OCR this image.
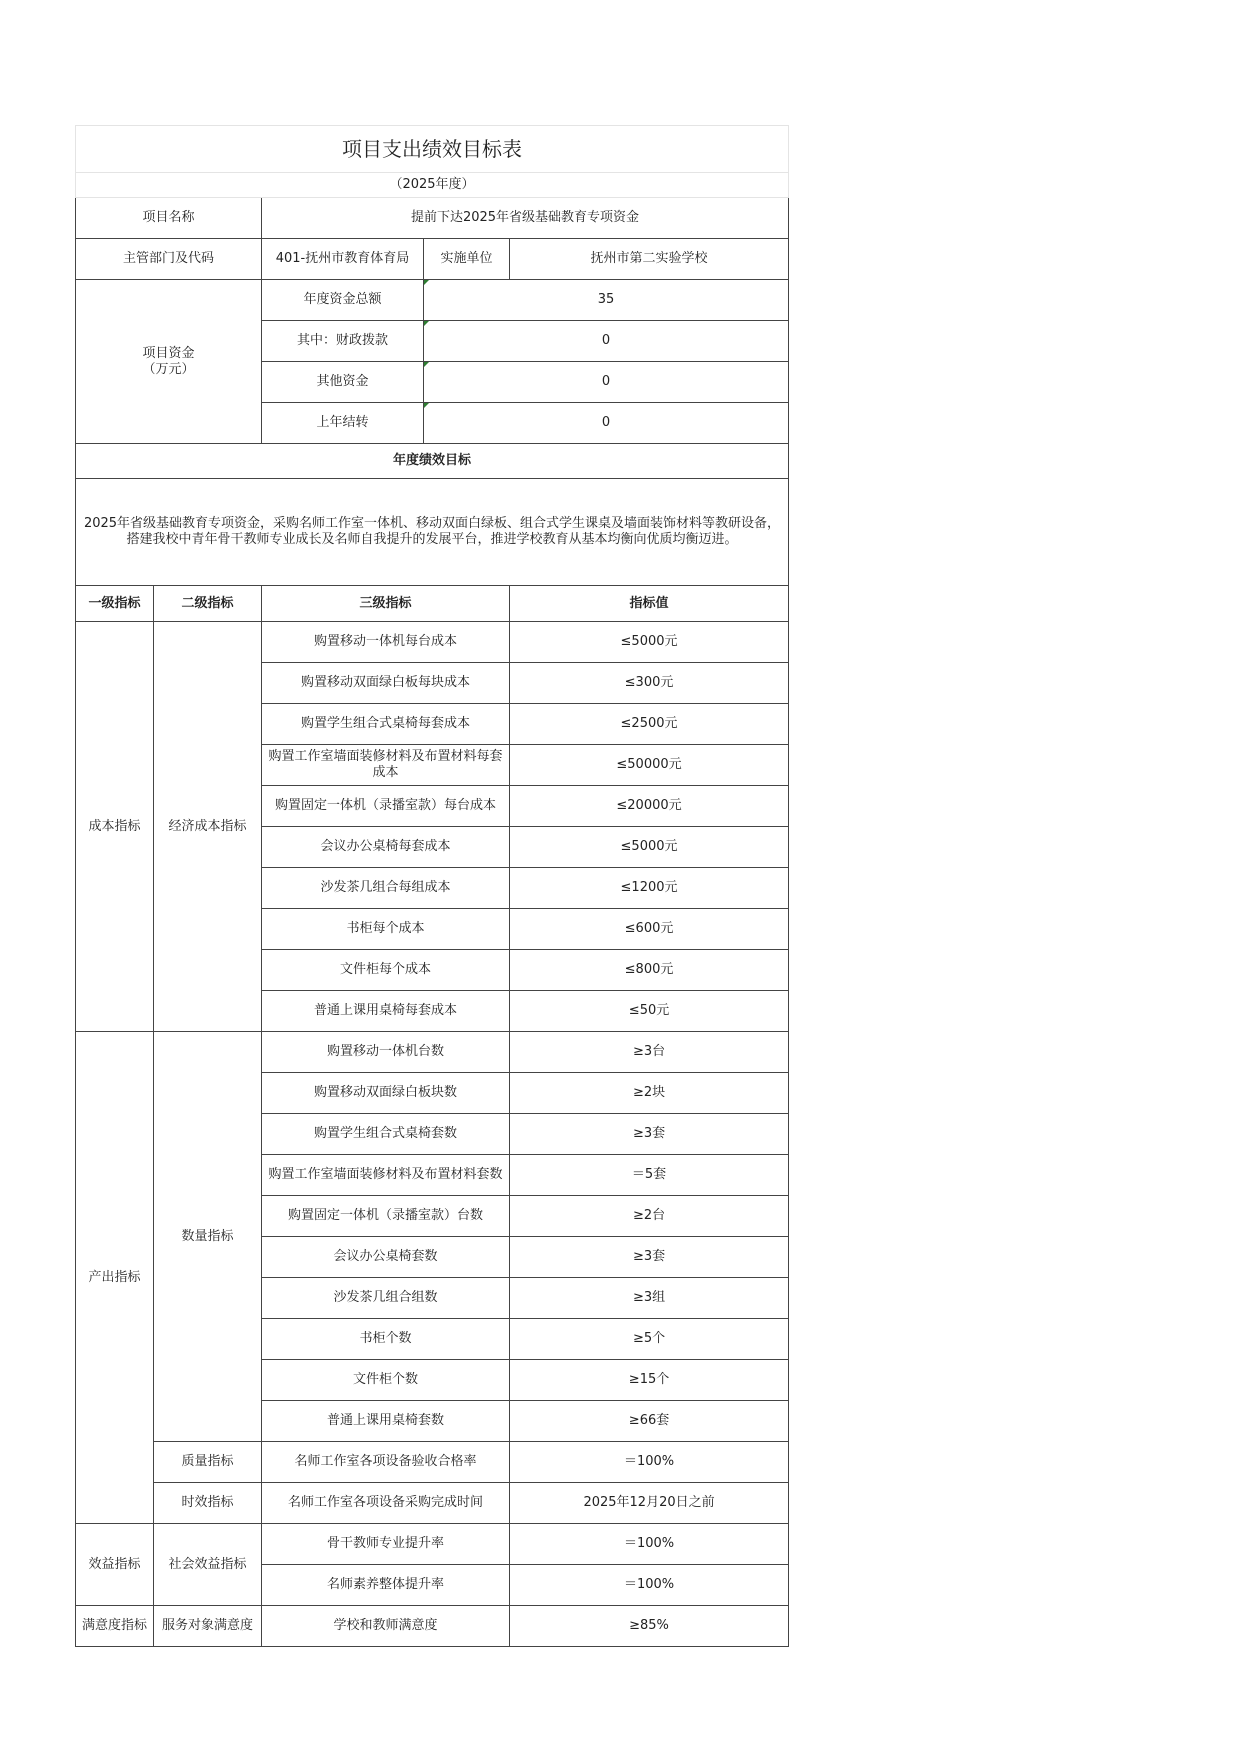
项目支出绩效目标表				
（2025年度）				
项目名称		提前下达2025年省级基础教育专项资金		
主管部门及代码		401-抚州市教育体育局	实施单位	抚州市第二实验学校
项目资金（万元）		年度资金总额	35	
		其中：财政拨款	0	
		其他资金	0	
		上年结转	0	
年度绩效目标				
2025年省级基础教育专项资金，采购名师工作室一体机、移动双面白绿板、组合式学生课桌及墙面装饰材料等教研设备，搭建我校中青年骨干教师专业成长及名师自我提升的发展平台，推进学校教育从基本均衡向优质均衡迈进。				
一级指标	二级指标	三级指标		指标值
成本指标	经济成本指标	购置移动一体机每台成本		≤5000元
		购置移动双面绿白板每块成本		≤300元
		购置学生组合式桌椅每套成本		≤2500元
		购置工作室墙面装修材料及布置材料每套成本		≤50000元
		购置固定一体机（录播室款）每台成本		≤20000元
		会议办公桌椅每套成本		≤5000元
		沙发茶几组合每组成本		≤1200元
		书柜每个成本		≤600元
		文件柜每个成本		≤800元
		普通上课用桌椅每套成本		≤50元
产出指标	数量指标	购置移动一体机台数		≥3台
		购置移动双面绿白板块数		≥2块
		购置学生组合式桌椅套数		≥3套
		购置工作室墙面装修材料及布置材料套数		＝5套
		购置固定一体机（录播室款）台数		≥2台
		会议办公桌椅套数		≥3套
		沙发茶几组合组数		≥3组
		书柜个数		≥5个
		文件柜个数		≥15个
		普通上课用桌椅套数		≥66套
	质量指标	名师工作室各项设备验收合格率		＝100%
	时效指标	名师工作室各项设备采购完成时间		2025年12月20日之前
效益指标	社会效益指标	骨干教师专业提升率		＝100%
		名师素养整体提升率		＝100%
满意度指标	服务对象满意度	学校和教师满意度		≥85%
